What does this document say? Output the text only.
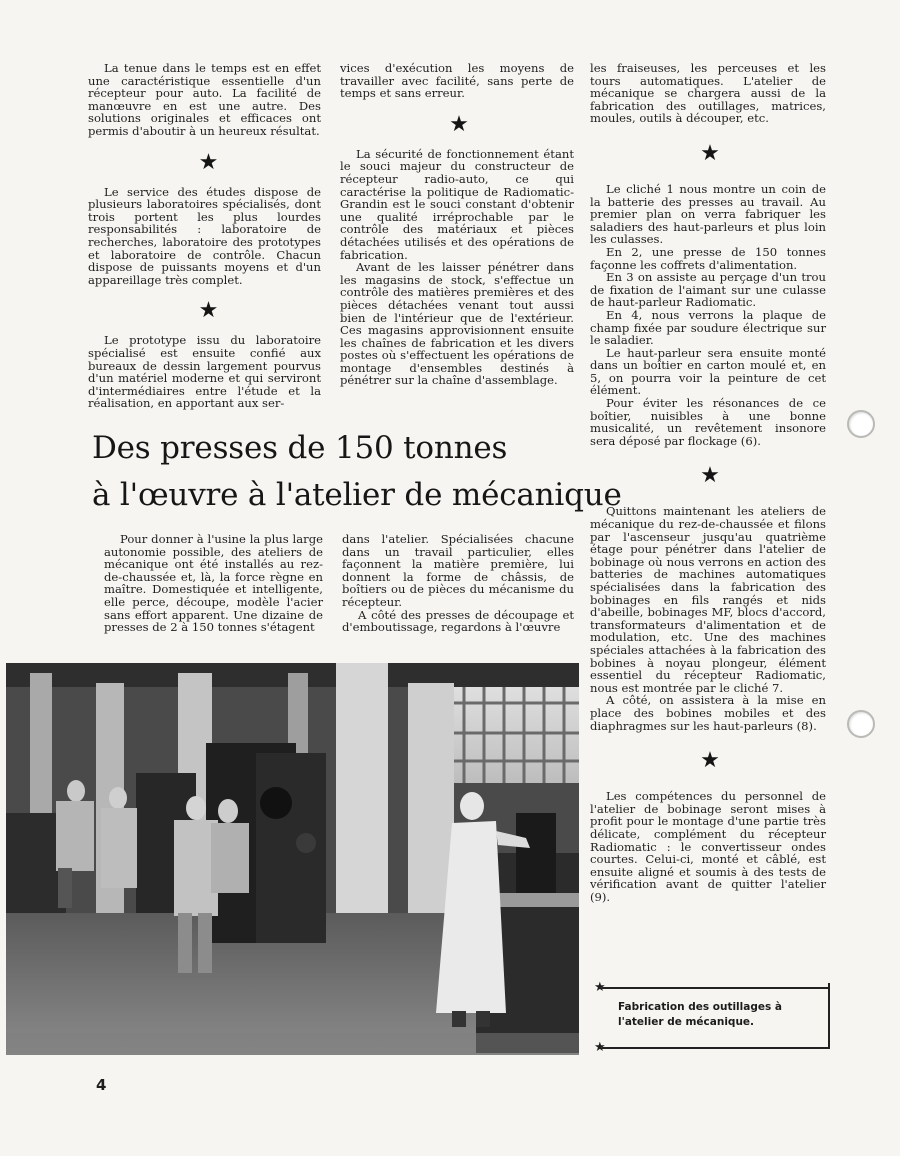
La tenue dans le temps est en effet une caractéristique essentielle d'un récepteur pour auto. La facilité de manœuvre en est une autre. Des solutions originales et efficaces ont permis d'aboutir à un heureux résultat.

★

Le service des études dispose de plusieurs laboratoires spécialisés, dont trois portent les plus lourdes responsabilités : laboratoire de recherches, laboratoire des prototypes et laboratoire de contrôle. Chacun dispose de puissants moyens et d'un appareillage très complet.

★

Le prototype issu du laboratoire spécialisé est ensuite confié aux bureaux de dessin largement pourvus d'un matériel moderne et qui serviront d'intermédiaires entre l'étude et la réalisation, en apportant aux ser-

vices d'exécution les moyens de travailler avec facilité, sans perte de temps et sans erreur.

★

La sécurité de fonctionnement étant le souci majeur du constructeur de récepteur radio-auto, ce qui caractérise la politique de Radiomatic-Grandin est le souci constant d'obtenir une qualité irréprochable par le contrôle des matériaux et pièces détachées utilisés et des opérations de fabrication.

Avant de les laisser pénétrer dans les magasins de stock, s'effectue un contrôle des matières premières et des pièces détachées venant tout aussi bien de l'intérieur que de l'extérieur. Ces magasins approvisionnent ensuite les chaînes de fabrication et les divers postes où s'effectuent les opérations de montage d'ensembles destinés à pénétrer sur la chaîne d'assemblage.

les fraiseuses, les perceuses et les tours automatiques. L'atelier de mécanique se chargera aussi de la fabrication des outillages, matrices, moules, outils à découper, etc.

★

Le cliché 1 nous montre un coin de la batterie des presses au travail. Au premier plan on verra fabriquer les saladiers des haut-parleurs et plus loin les culasses.

En 2, une presse de 150 tonnes façonne les coffrets d'alimentation.

En 3 on assiste au perçage d'un trou de fixation de l'aimant sur une culasse de haut-parleur Radiomatic.

En 4, nous verrons la plaque de champ fixée par soudure électrique sur le saladier.

Le haut-parleur sera ensuite monté dans un boîtier en carton moulé et, en 5, on pourra voir la peinture de cet élément.

Pour éviter les résonances de ce boîtier, nuisibles à une bonne musicalité, un revêtement insonore sera déposé par flockage (6).

★

Quittons maintenant les ateliers de mécanique du rez-de-chaussée et filons par l'ascenseur jusqu'au quatrième étage pour pénétrer dans l'atelier de bobinage où nous verrons en action des batteries de machines automatiques spécialisées dans la fabrication des bobinages en fils rangés et nids d'abeille, bobinages MF, blocs d'accord, transformateurs d'alimentation et de modulation, etc. Une des machines spéciales attachées à la fabrication des bobines à noyau plongeur, élément essentiel du récepteur Radiomatic, nous est montrée par le cliché 7.

A côté, on assistera à la mise en place des bobines mobiles et des diaphragmes sur les haut-parleurs (8).

★

Les compétences du personnel de l'atelier de bobinage seront mises à profit pour le montage d'une partie très délicate, complément du récepteur Radiomatic : le convertisseur ondes courtes. Celui-ci, monté et câblé, est ensuite aligné et soumis à des tests de vérification avant de quitter l'atelier (9).

Des presses de 150 tonnes
à l'œuvre à l'atelier de mécanique

Pour donner à l'usine la plus large autonomie possible, des ateliers de mécanique ont été installés au rez-de-chaussée et, là, la force règne en maître. Domestiquée et intelligente, elle perce, découpe, modèle l'acier sans effort apparent. Une dizaine de presses de 2 à 150 tonnes s'étagent

dans l'atelier. Spécialisées chacune dans un travail particulier, elles façonnent la matière première, lui donnent la forme de châssis, de boîtiers ou de pièces du mécanisme du récepteur.

A côté des presses de découpage et d'emboutissage, regardons à l'œuvre

★
★
Fabrication des outillages à l'atelier de mécanique.
4
